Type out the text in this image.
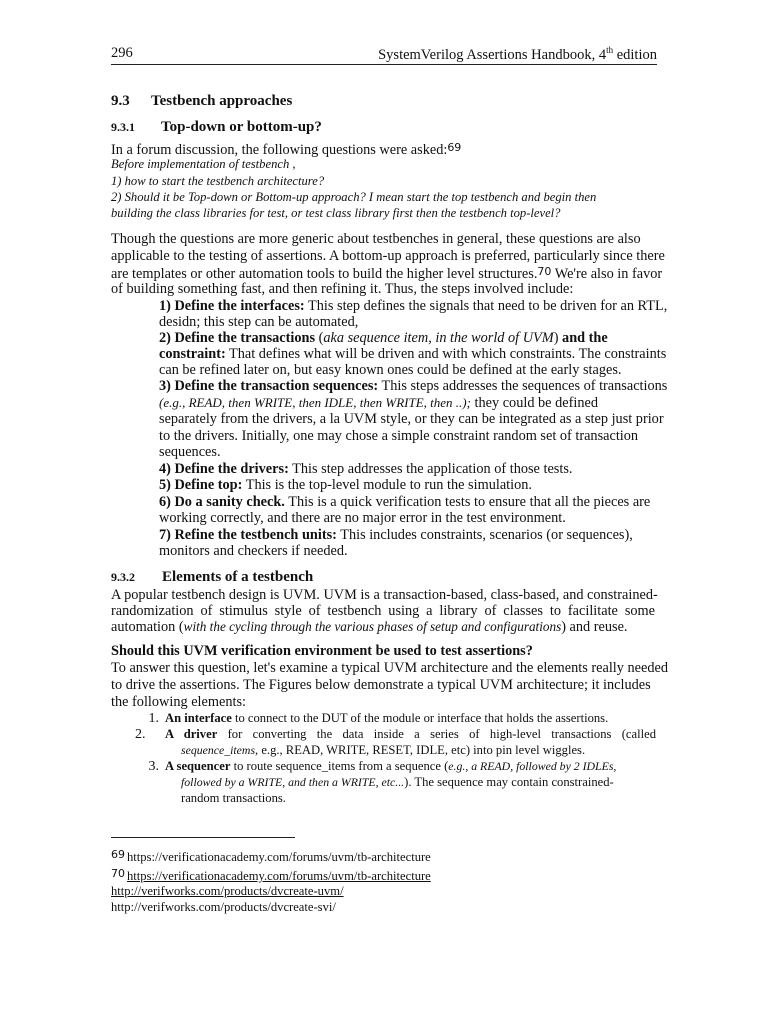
296	SystemVerilog Assertions Handbook, 4th edition
9.3 Testbench approaches
9.3.1 Top-down or bottom-up?
In a forum discussion, the following questions were asked:$^{69}$
Before implementation of testbench ,
1) how to start the testbench architecture?
2) Should it be Top-down or Bottom-up approach? I mean start the top testbench and begin then
building the class libraries for test, or test class library first then the testbench top-level?
Though the questions are more generic about testbenches in general, these questions are also
applicable to the testing of assertions. A bottom-up approach is preferred, particularly since there
are templates or other automation tools to build the higher level structures.$^{70}$ We're also in favor
of building something fast, and then refining it. Thus, the steps involved include:
1) Define the interfaces: This step defines the signals that need to be driven for an RTL,
desidn; this step can be automated,
2) Define the transactions (aka sequence item, in the world of UVM) and the
constraint: That defines what will be driven and with which constraints. The constraints
can be refined later on, but easy known ones could be defined at the early stages.
3) Define the transaction sequences: This steps addresses the sequences of transactions
(e.g., READ, then WRITE, then IDLE, then WRITE, then ..); they could be defined
separately from the drivers, a la UVM style, or they can be integrated as a step just prior
to the drivers. Initially, one may chose a simple constraint random set of transaction
sequences.
4) Define the drivers: This step addresses the application of those tests.
5) Define top: This is the top-level module to run the simulation.
6) Do a sanity check. This is a quick verification tests to ensure that all the pieces are
working correctly, and there are no major error in the test environment.
7) Refine the testbench units: This includes constraints, scenarios (or sequences),
monitors and checkers if needed.
9.3.2 Elements of a testbench
A popular testbench design is UVM. UVM is a transaction-based, class-based, and constrained-
randomization of stimulus style of testbench using a library of classes to facilitate some
automation (with the cycling through the various phases of setup and configurations) and reuse.
Should this UVM verification environment be used to test assertions?
To answer this question, let's examine a typical UVM architecture and the elements really needed
to drive the assertions. The Figures below demonstrate a typical UVM architecture; it includes
the following elements:
1. An interface to connect to the DUT of the module or interface that holds the assertions.
2. A driver for converting the data inside a series of high-level transactions (called
sequence_items, e.g., READ, WRITE, RESET, IDLE, etc) into pin level wiggles.
3. A sequencer to route sequence_items from a sequence (e.g., a READ, followed by 2 IDLEs,
followed by a WRITE, and then a WRITE, etc...). The sequence may contain constrained-
random transactions.
69 https://verificationacademy.com/forums/uvm/tb-architecture
70 https://verificationacademy.com/forums/uvm/tb-architecture
http://verifworks.com/products/dvcreate-uvm/
http://verifworks.com/products/dvcreate-svi/
